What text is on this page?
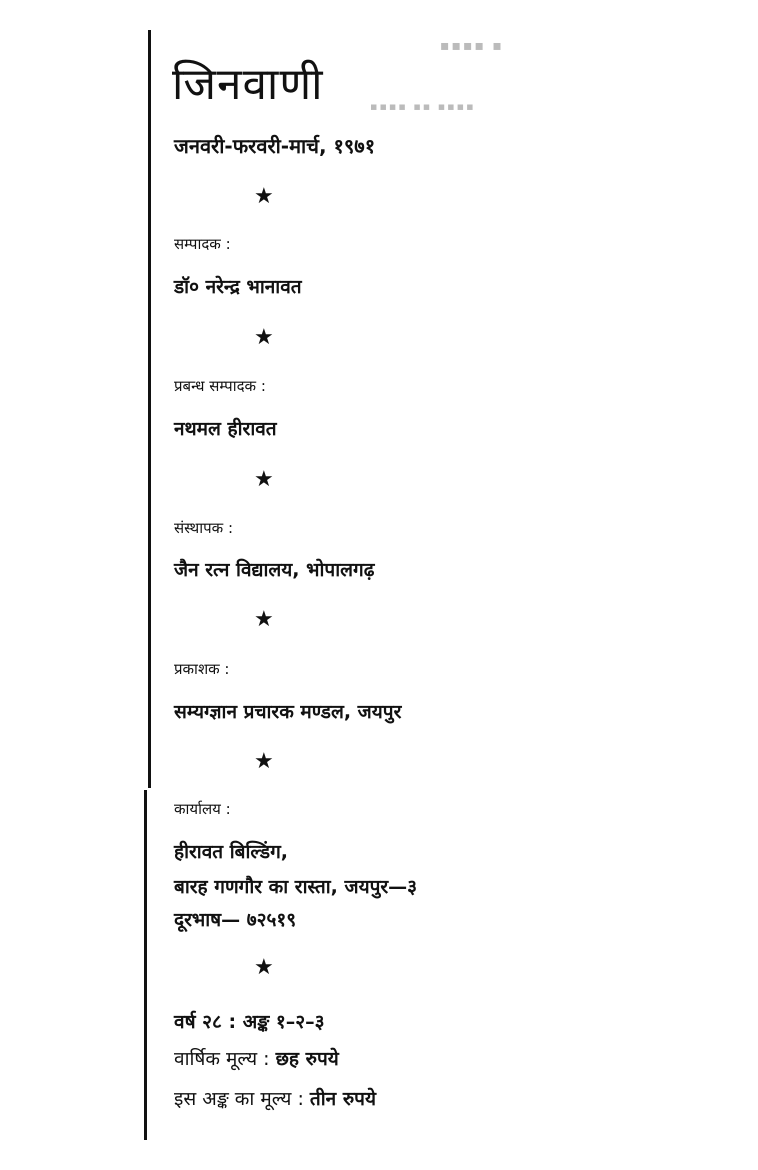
▪▪▪▪ ▪
▪▪▪▪ ▪▪ ▪▪▪▪
जिनवाणी
जनवरी-फरवरी-मार्च, १९७१
★
सम्पादक :
डॉ० नरेन्द्र भानावत
★
प्रबन्ध सम्पादक :
नथमल हीरावत
★
संस्थापक :
जैन रत्न विद्यालय, भोपालगढ़
★
प्रकाशक :
सम्यग्ज्ञान प्रचारक मण्डल, जयपुर
★
कार्यालय :
हीरावत बिल्डिंग,
बारह गणगौर का रास्ता, जयपुर—३
दूरभाष— ७२५१९
★
वर्ष २८ : अङ्क १–२–३
वार्षिक मूल्य : छह रुपये
इस अङ्क का मूल्य : तीन रुपये
